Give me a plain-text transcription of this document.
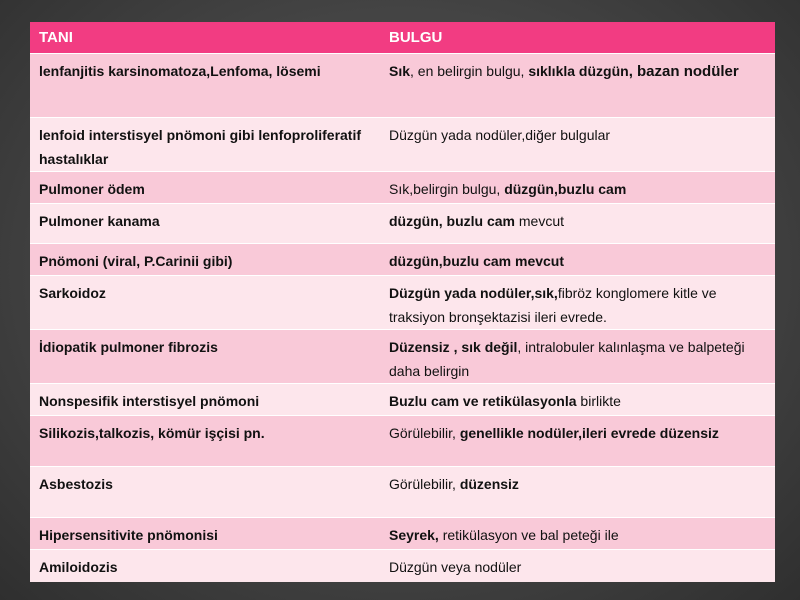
TANI	BULGU
lenfanjitis karsinomatoza,Lenfoma, lösemi	Sık, en belirgin bulgu, sıklıkla düzgün, bazan nodüler
lenfoid interstisyel pnömoni gibi lenfoproliferatif hastalıklar	Düzgün yada nodüler,diğer bulgular
Pulmoner ödem	Sık,belirgin bulgu, düzgün,buzlu cam
Pulmoner kanama	düzgün, buzlu cam mevcut
Pnömoni (viral, P.Carinii gibi)	düzgün,buzlu cam mevcut
Sarkoidoz	Düzgün yada nodüler,sık,fibröz konglomere kitle ve traksiyon bronşektazisi ileri evrede.
İdiopatik pulmoner fibrozis	Düzensiz , sık değil, intralobuler kalınlaşma ve balpeteği daha belirgin
Nonspesifik interstisyel pnömoni	Buzlu cam ve retikülasyonla birlikte
Silikozis,talkozis, kömür işçisi pn.	Görülebilir, genellikle nodüler,ileri evrede düzensiz
Asbestozis	Görülebilir, düzensiz
Hipersensitivite pnömonisi	Seyrek, retikülasyon ve bal peteği ile
Amiloidozis	Düzgün veya nodüler
